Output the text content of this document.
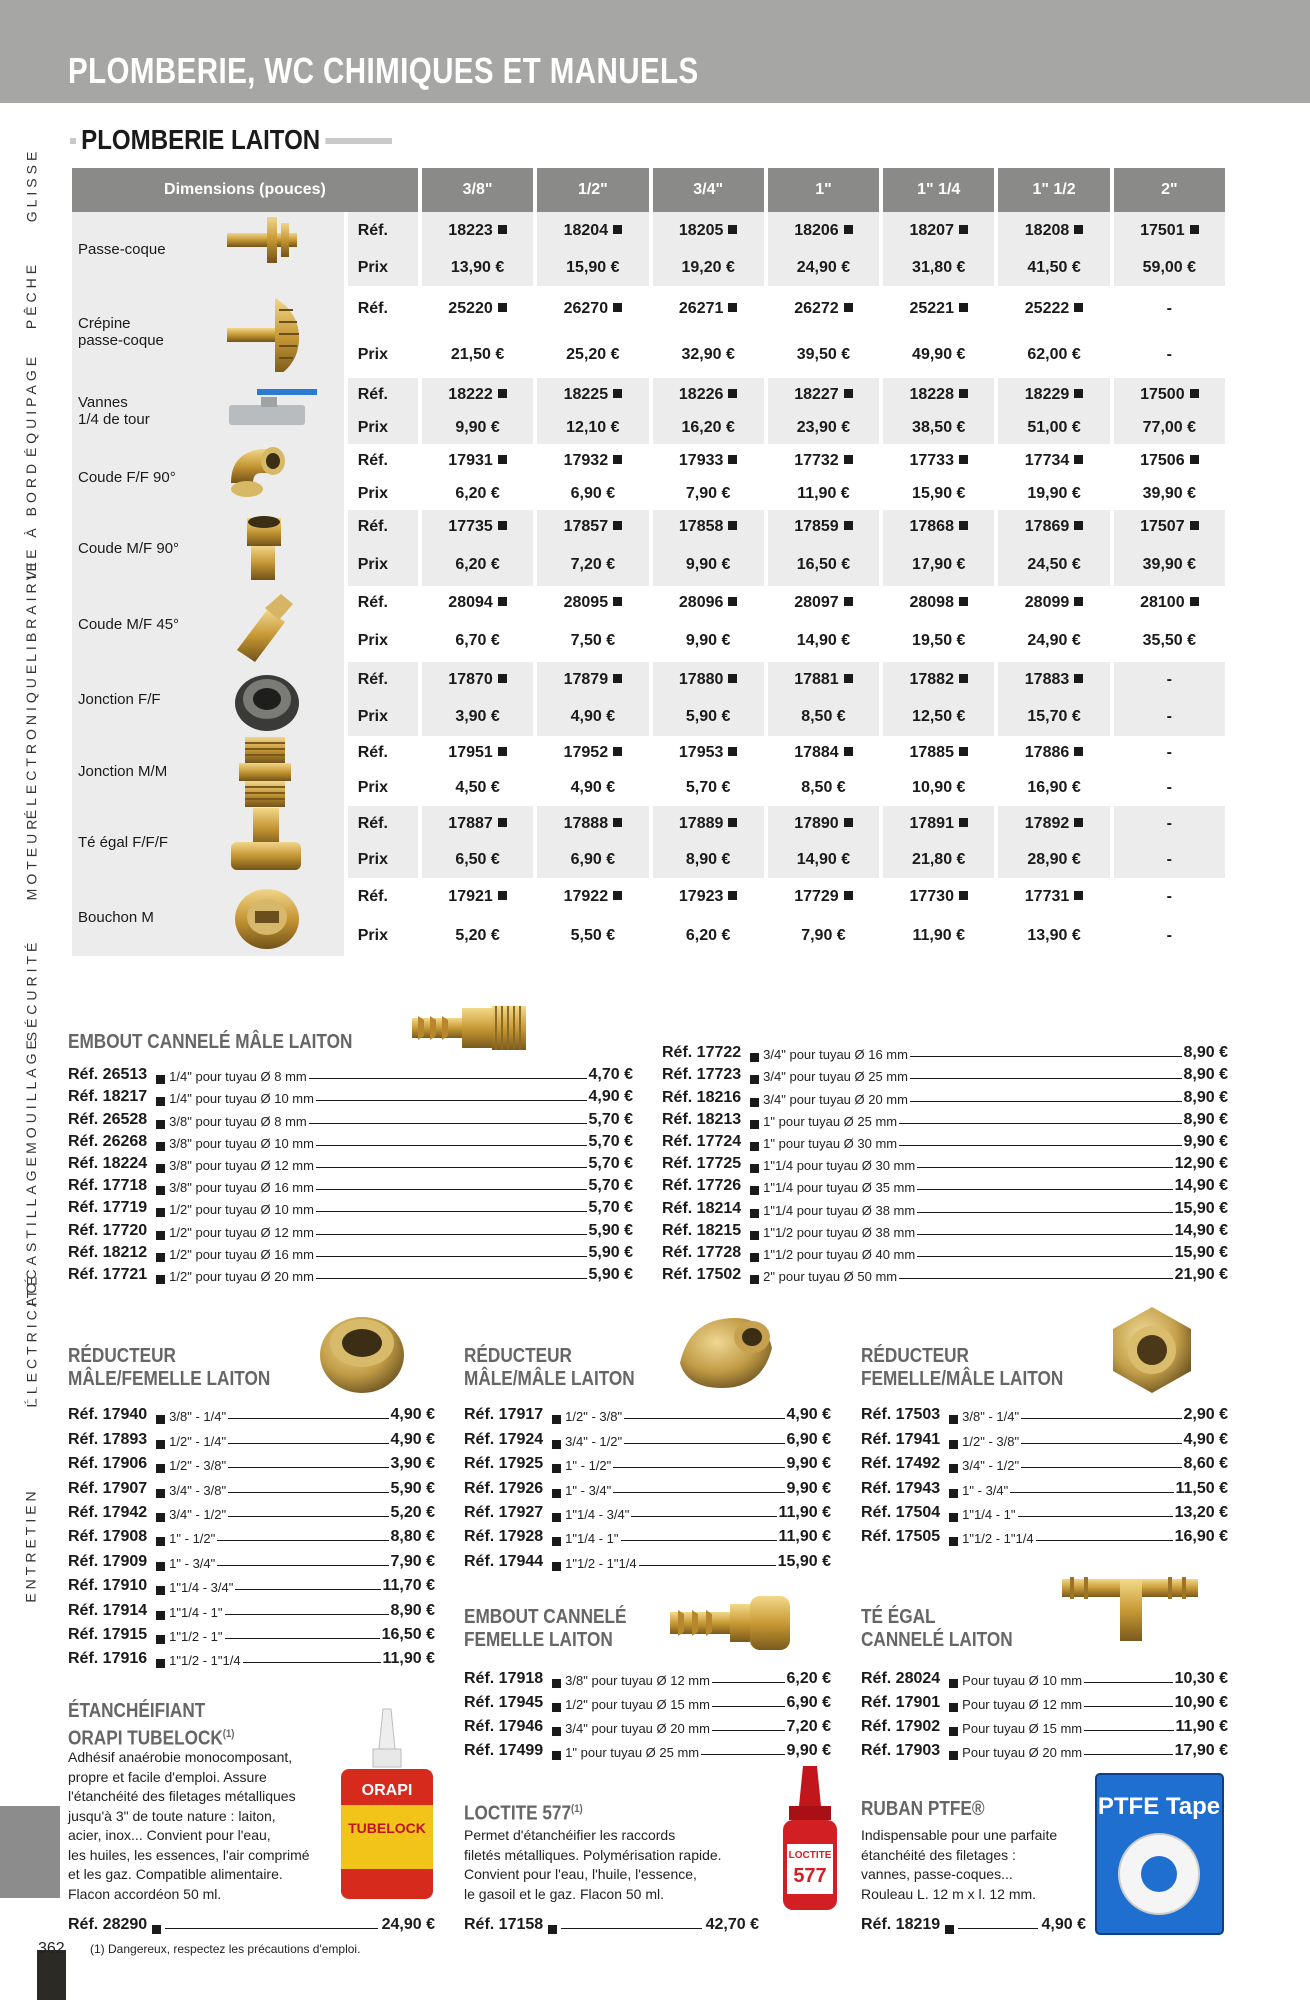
PLOMBERIE, WC CHIMIQUES ET MANUELS
PLOMBERIE LAITON
GLISSE
PÊCHE
ÉQUIPAGE
VIE À BORD
LIBRAIRIE
ÉLECTRONIQUE
MOTEUR
SÉCURITÉ
MOUILLAGE
ACCASTILLAGE
ÉLECTRICITÉ
EAU À BORD
ENTRETIEN
Dimensions (pouces)		3/8"	1/2"	3/4"	1"	1" 1/4	1" 1/2	2"

Passe-coque	Réf.	18223	18204	18205	18206	18207	18208	17501
	Prix	13,90 €	15,90 €	19,20 €	24,90 €	31,80 €	41,50 €	59,00 €

Crépine
passe-coque	Réf.	25220	26270	26271	26272	25221	25222	-
	Prix	21,50 €	25,20 €	32,90 €	39,50 €	49,90 €	62,00 €	-

Vannes
1/4 de tour	Réf.	18222	18225	18226	18227	18228	18229	17500
	Prix	9,90 €	12,10 €	16,20 €	23,90 €	38,50 €	51,00 €	77,00 €

Coude F/F 90°	Réf.	17931	17932	17933	17732	17733	17734	17506
	Prix	6,20 €	6,90 €	7,90 €	11,90 €	15,90 €	19,90 €	39,90 €

Coude M/F 90°	Réf.	17735	17857	17858	17859	17868	17869	17507
	Prix	6,20 €	7,20 €	9,90 €	16,50 €	17,90 €	24,50 €	39,90 €

Coude M/F 45°	Réf.	28094	28095	28096	28097	28098	28099	28100
	Prix	6,70 €	7,50 €	9,90 €	14,90 €	19,50 €	24,90 €	35,50 €

Jonction F/F	Réf.	17870	17879	17880	17881	17882	17883	-
	Prix	3,90 €	4,90 €	5,90 €	8,50 €	12,50 €	15,70 €	-

Jonction M/M	Réf.	17951	17952	17953	17884	17885	17886	-
	Prix	4,50 €	4,90 €	5,70 €	8,50 €	10,90 €	16,90 €	-

Té égal F/F/F	Réf.	17887	17888	17889	17890	17891	17892	-
	Prix	6,50 €	6,90 €	8,90 €	14,90 €	21,80 €	28,90 €	-

Bouchon M	Réf.	17921	17922	17923	17729	17730	17731	-
	Prix	5,20 €	5,50 €	6,20 €	7,90 €	11,90 €	13,90 €	-
EMBOUT CANNELÉ MÂLE LAITON
Réf. 26513 1/4" pour tuyau Ø 8 mm	4,70 €
Réf. 18217 1/4" pour tuyau Ø 10 mm	4,90 €
Réf. 26528 3/8" pour tuyau Ø 8 mm	5,70 €
Réf. 26268 3/8" pour tuyau Ø 10 mm	5,70 €
Réf. 18224 3/8" pour tuyau Ø 12 mm	5,70 €
Réf. 17718 3/8" pour tuyau Ø 16 mm	5,70 €
Réf. 17719 1/2" pour tuyau Ø 10 mm	5,70 €
Réf. 17720 1/2" pour tuyau Ø 12 mm	5,90 €
Réf. 18212 1/2" pour tuyau Ø 16 mm	5,90 €
Réf. 17721 1/2" pour tuyau Ø 20 mm	5,90 €
Réf. 17722 3/4" pour tuyau Ø 16 mm	8,90 €
Réf. 17723 3/4" pour tuyau Ø 25 mm	8,90 €
Réf. 18216 3/4" pour tuyau Ø 20 mm	8,90 €
Réf. 18213 1" pour tuyau Ø 25 mm	8,90 €
Réf. 17724 1" pour tuyau Ø 30 mm	9,90 €
Réf. 17725 1"1/4 pour tuyau Ø 30 mm	12,90 €
Réf. 17726 1"1/4 pour tuyau Ø 35 mm	14,90 €
Réf. 18214 1"1/4 pour tuyau Ø 38 mm	15,90 €
Réf. 18215 1"1/2 pour tuyau Ø 38 mm	14,90 €
Réf. 17728 1"1/2 pour tuyau Ø 40 mm	15,90 €
Réf. 17502 2" pour tuyau Ø 50 mm	21,90 €
RÉDUCTEUR
MÂLE/FEMELLE LAITON
RÉDUCTEUR
MÂLE/MÂLE LAITON
RÉDUCTEUR
FEMELLE/MÂLE LAITON
Réf. 17940 3/8" - 1/4"	4,90 €
Réf. 17893 1/2" - 1/4"	4,90 €
Réf. 17906 1/2" - 3/8"	3,90 €
Réf. 17907 3/4" - 3/8"	5,90 €
Réf. 17942 3/4" - 1/2"	5,20 €
Réf. 17908 1" - 1/2"	8,80 €
Réf. 17909 1" - 3/4"	7,90 €
Réf. 17910 1"1/4 - 3/4"	11,70 €
Réf. 17914 1"1/4 - 1"	8,90 €
Réf. 17915 1"1/2 - 1"	16,50 €
Réf. 17916 1"1/2 - 1"1/4	11,90 €
Réf. 17917 1/2" - 3/8"	4,90 €
Réf. 17924 3/4" - 1/2"	6,90 €
Réf. 17925 1" - 1/2"	9,90 €
Réf. 17926 1" - 3/4"	9,90 €
Réf. 17927 1"1/4 - 3/4"	11,90 €
Réf. 17928 1"1/4 - 1"	11,90 €
Réf. 17944 1"1/2 - 1"1/4	15,90 €
Réf. 17503 3/8" - 1/4"	2,90 €
Réf. 17941 1/2" - 3/8"	4,90 €
Réf. 17492 3/4" - 1/2"	8,60 €
Réf. 17943 1" - 3/4"	11,50 €
Réf. 17504 1"1/4 - 1"	13,20 €
Réf. 17505 1"1/2 - 1"1/4	16,90 €
EMBOUT CANNELÉ
FEMELLE LAITON
TÉ ÉGAL
CANNELÉ LAITON
Réf. 17918 3/8" pour tuyau Ø 12 mm	6,20 €
Réf. 17945 1/2" pour tuyau Ø 15 mm	6,90 €
Réf. 17946 3/4" pour tuyau Ø 20 mm	7,20 €
Réf. 17499 1" pour tuyau Ø 25 mm	9,90 €
Réf. 28024 Pour tuyau Ø 10 mm	10,30 €
Réf. 17901 Pour tuyau Ø 12 mm	10,90 €
Réf. 17902 Pour tuyau Ø 15 mm	11,90 €
Réf. 17903 Pour tuyau Ø 20 mm	17,90 €
ÉTANCHÉIFIANT
ORAPI TUBELOCK$^{(1)}$
Adhésif anaérobie monocomposant,
propre et facile d'emploi. Assure
l'étanchéité des filetages métalliques
jusqu'à 3" de toute nature : laiton,
acier, inox... Convient pour l'eau,
les huiles, les essences, l'air comprimé
et les gaz. Compatible alimentaire.
Flacon accordéon 50 ml.
ORAPI
TUBELOCK
Réf. 28290	24,90 €
LOCTITE 577$^{(1)}$
Permet d'étanchéifier les raccords
filetés métalliques. Polymérisation rapide.
Convient pour l'eau, l'huile, l'essence,
le gasoil et le gaz. Flacon 50 ml.
LOCTITE
577
Réf. 17158	42,70 €
RUBAN PTFE®
Indispensable pour une parfaite
étanchéité des filetages :
vannes, passe-coques...
Rouleau L. 12 m x l. 12 mm.
PTFE Tape
Réf. 18219	4,90 €
362 (1) Dangereux, respectez les précautions d'emploi.
